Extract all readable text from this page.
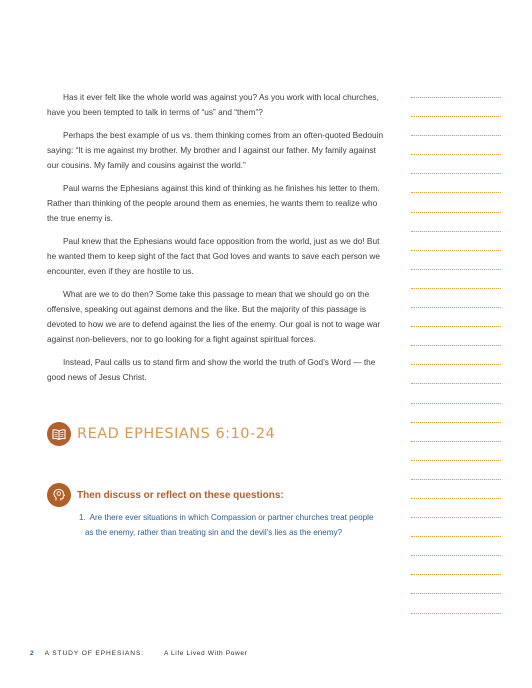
Has it ever felt like the whole world was against you? As you work with local churches, have you been tempted to talk in terms of “us” and “them”?

Perhaps the best example of us vs. them thinking comes from an often-quoted Bedouin saying: “It is me against my brother. My brother and I against our father. My family against our cousins. My family and cousins against the world.”

Paul warns the Ephesians against this kind of thinking as he finishes his letter to them. Rather than thinking of the people around them as enemies, he wants them to realize who the true enemy is.

Paul knew that the Ephesians would face opposition from the world, just as we do! But he wanted them to keep sight of the fact that God loves and wants to save each person we encounter, even if they are hostile to us.

What are we to do then? Some take this passage to mean that we should go on the offensive, speaking out against demons and the like. But the majority of this passage is devoted to how we are to defend against the lies of the enemy. Our goal is not to wage war against non-believers, nor to go looking for a fight against spiritual forces.

Instead, Paul calls us to stand firm and show the world the truth of God’s Word — the good news of Jesus Christ.

READ EPHESIANS 6:10-24
Then discuss or reflect on these questions:
1. Are there ever situations in which Compassion or partner churches treat people
as the enemy, rather than treating sin and the devil’s lies as the enemy?
2 A STUDY OF EPHESIANS:	A Life Lived With Power
